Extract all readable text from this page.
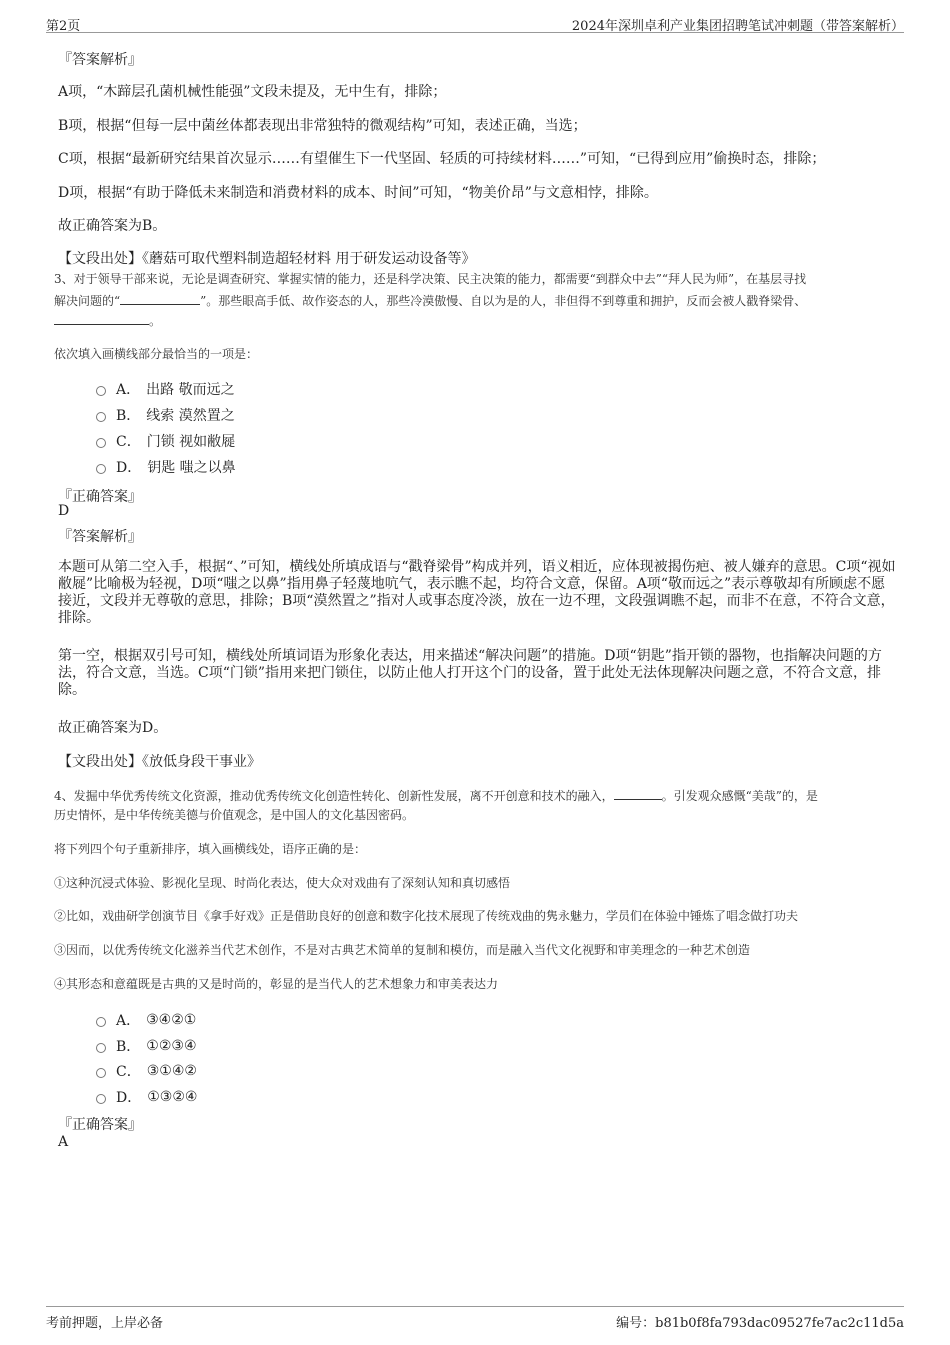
第2页	2024年深圳卓利产业集团招聘笔试冲刺题（带答案解析）
『答案解析』
A项，“木蹄层孔菌机械性能强”文段未提及，无中生有，排除；
B项，根据“但每一层中菌丝体都表现出非常独特的微观结构”可知，表述正确，当选；
C项，根据“最新研究结果首次显示……有望催生下一代坚固、轻质的可持续材料……”可知，“已得到应用”偷换时态，排除；
D项，根据“有助于降低未来制造和消费材料的成本、时间”可知，“物美价昂”与文意相悖，排除。
故正确答案为B。
【文段出处】《蘑菇可取代塑料制造超轻材料 用于研发运动设备等》
3、对于领导干部来说，无论是调查研究、掌握实情的能力，还是科学决策、民主决策的能力，都需要“到群众中去”“拜人民为师”，在基层寻找
解决问题的“	”。那些眼高手低、故作姿态的人，那些冷漠傲慢、自以为是的人，非但得不到尊重和拥护，反而会被人戳脊梁骨、
。
依次填入画横线部分最恰当的一项是：
A． 出路 敬而远之
B． 线索 漠然置之
C． 门锁 视如敝屣
D． 钥匙 嗤之以鼻
『正确答案』
D
『答案解析』
本题可从第二空入手，根据“、”可知，横线处所填成语与“戳脊梁骨”构成并列，语义相近，应体现被揭伤疤、被人嫌弃的意思。C项“视如敝屣”比喻极为轻视，D项“嗤之以鼻”指用鼻子轻蔑地吭气，表示瞧不起，均符合文意，保留。A项“敬而远之”表示尊敬却有所顾虑不愿接近，文段并无尊敬的意思，排除；B项“漠然置之”指对人或事态度冷淡，放在一边不理，文段强调瞧不起，而非不在意，不符合文意，排除。
第一空，根据双引号可知，横线处所填词语为形象化表达，用来描述“解决问题”的措施。D项“钥匙”指开锁的器物，也指解决问题的方法，符合文意，当选。C项“门锁”指用来把门锁住，以防止他人打开这个门的设备，置于此处无法体现解决问题之意，不符合文意，排除。
故正确答案为D。
【文段出处】《放低身段干事业》
4、发掘中华优秀传统文化资源，推动优秀传统文化创造性转化、创新性发展，离不开创意和技术的融入，	。引发观众感慨“美哉”的，是
历史情怀，是中华传统美德与价值观念，是中国人的文化基因密码。
将下列四个句子重新排序，填入画横线处，语序正确的是：
①这种沉浸式体验、影视化呈现、时尚化表达，使大众对戏曲有了深刻认知和真切感悟
②比如，戏曲研学创演节目《拿手好戏》正是借助良好的创意和数字化技术展现了传统戏曲的隽永魅力，学员们在体验中锤炼了唱念做打功夫
③因而，以优秀传统文化滋养当代艺术创作，不是对古典艺术简单的复制和模仿，而是融入当代文化视野和审美理念的一种艺术创造
④其形态和意蕴既是古典的又是时尚的，彰显的是当代人的艺术想象力和审美表达力
A． ③④②①
B． ①②③④
C． ③①④②
D． ①③②④
『正确答案』
A
考前押题，上岸必备	编号：b81b0f8fa793dac09527fe7ac2c11d5a
